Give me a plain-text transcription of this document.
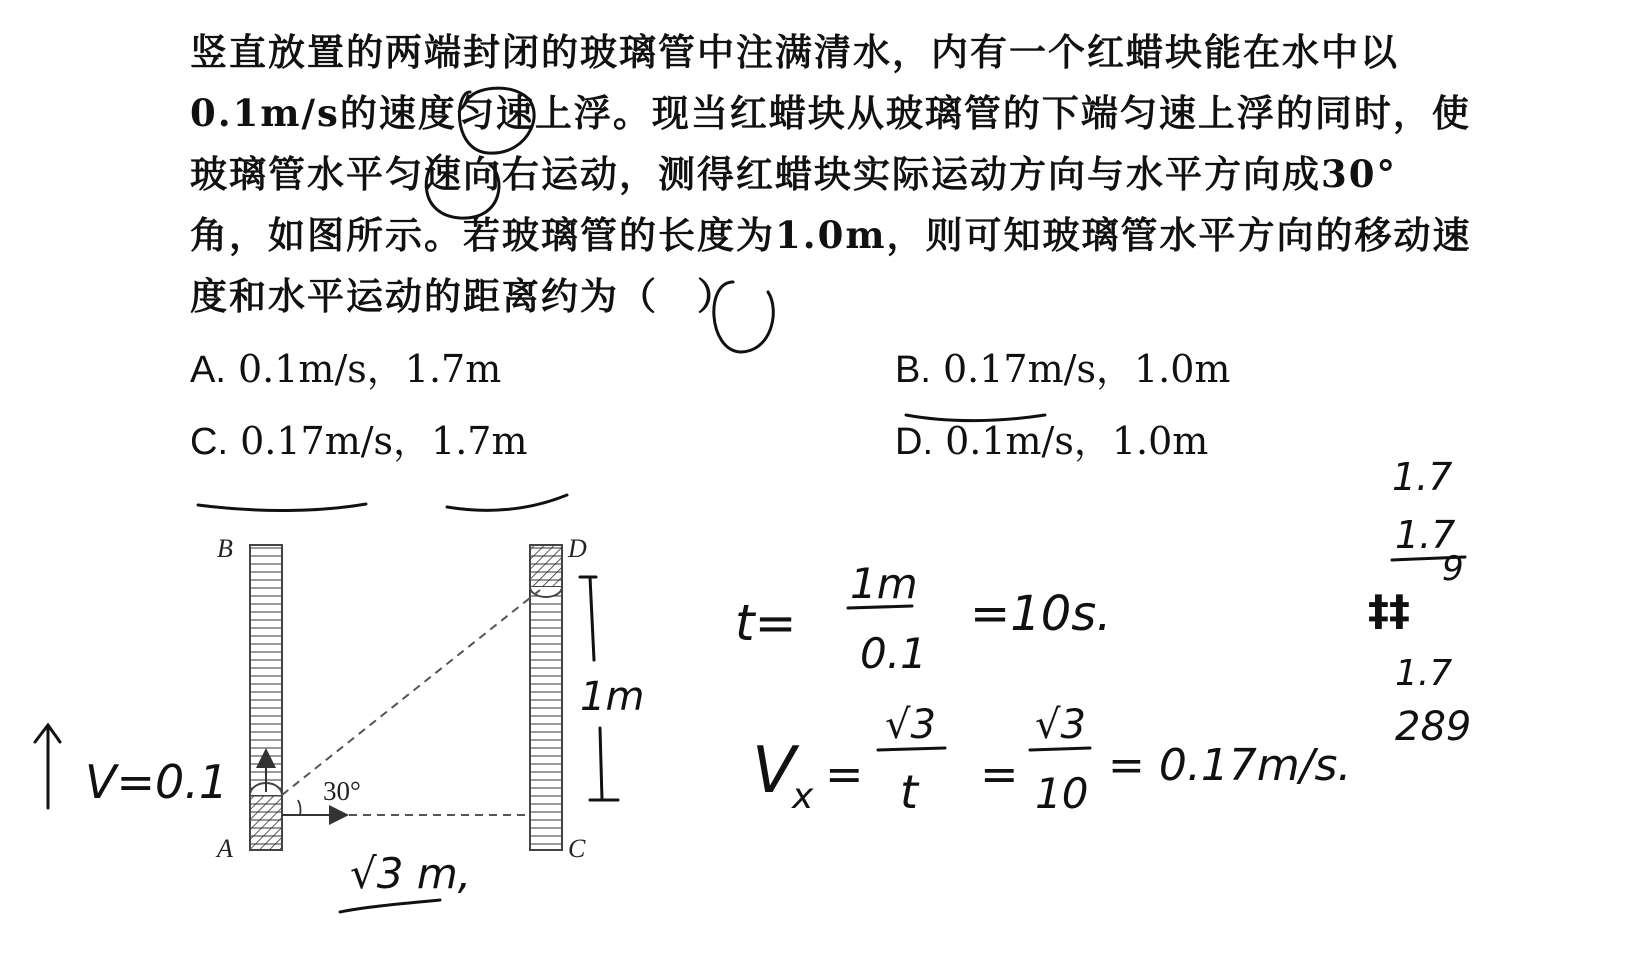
竖直放置的两端封闭的玻璃管中注满清水，内有一个红蜡块能在水中以
0.1m/s的速度匀速上浮。现当红蜡块从玻璃管的下端匀速上浮的同时，使
玻璃管水平匀速向右运动，测得红蜡块实际运动方向与水平方向成30°
角，如图所示。若玻璃管的长度为1.0m，则可知玻璃管水平方向的移动速
度和水平运动的距离约为（　）
A. 0.1m/s，1.7m	B. 0.17m/s，1.0m
C. 0.17m/s，1.7m	D. 0.1m/s，1.0m
30°
A
B
C
D
V=0.1
√3 m,
1m
t=
1m
0.1
=10s.
V
x =
√3
t =
√3
10
= 0.17m/s.
1.7
1.7
9
‡‡
1.7
289
